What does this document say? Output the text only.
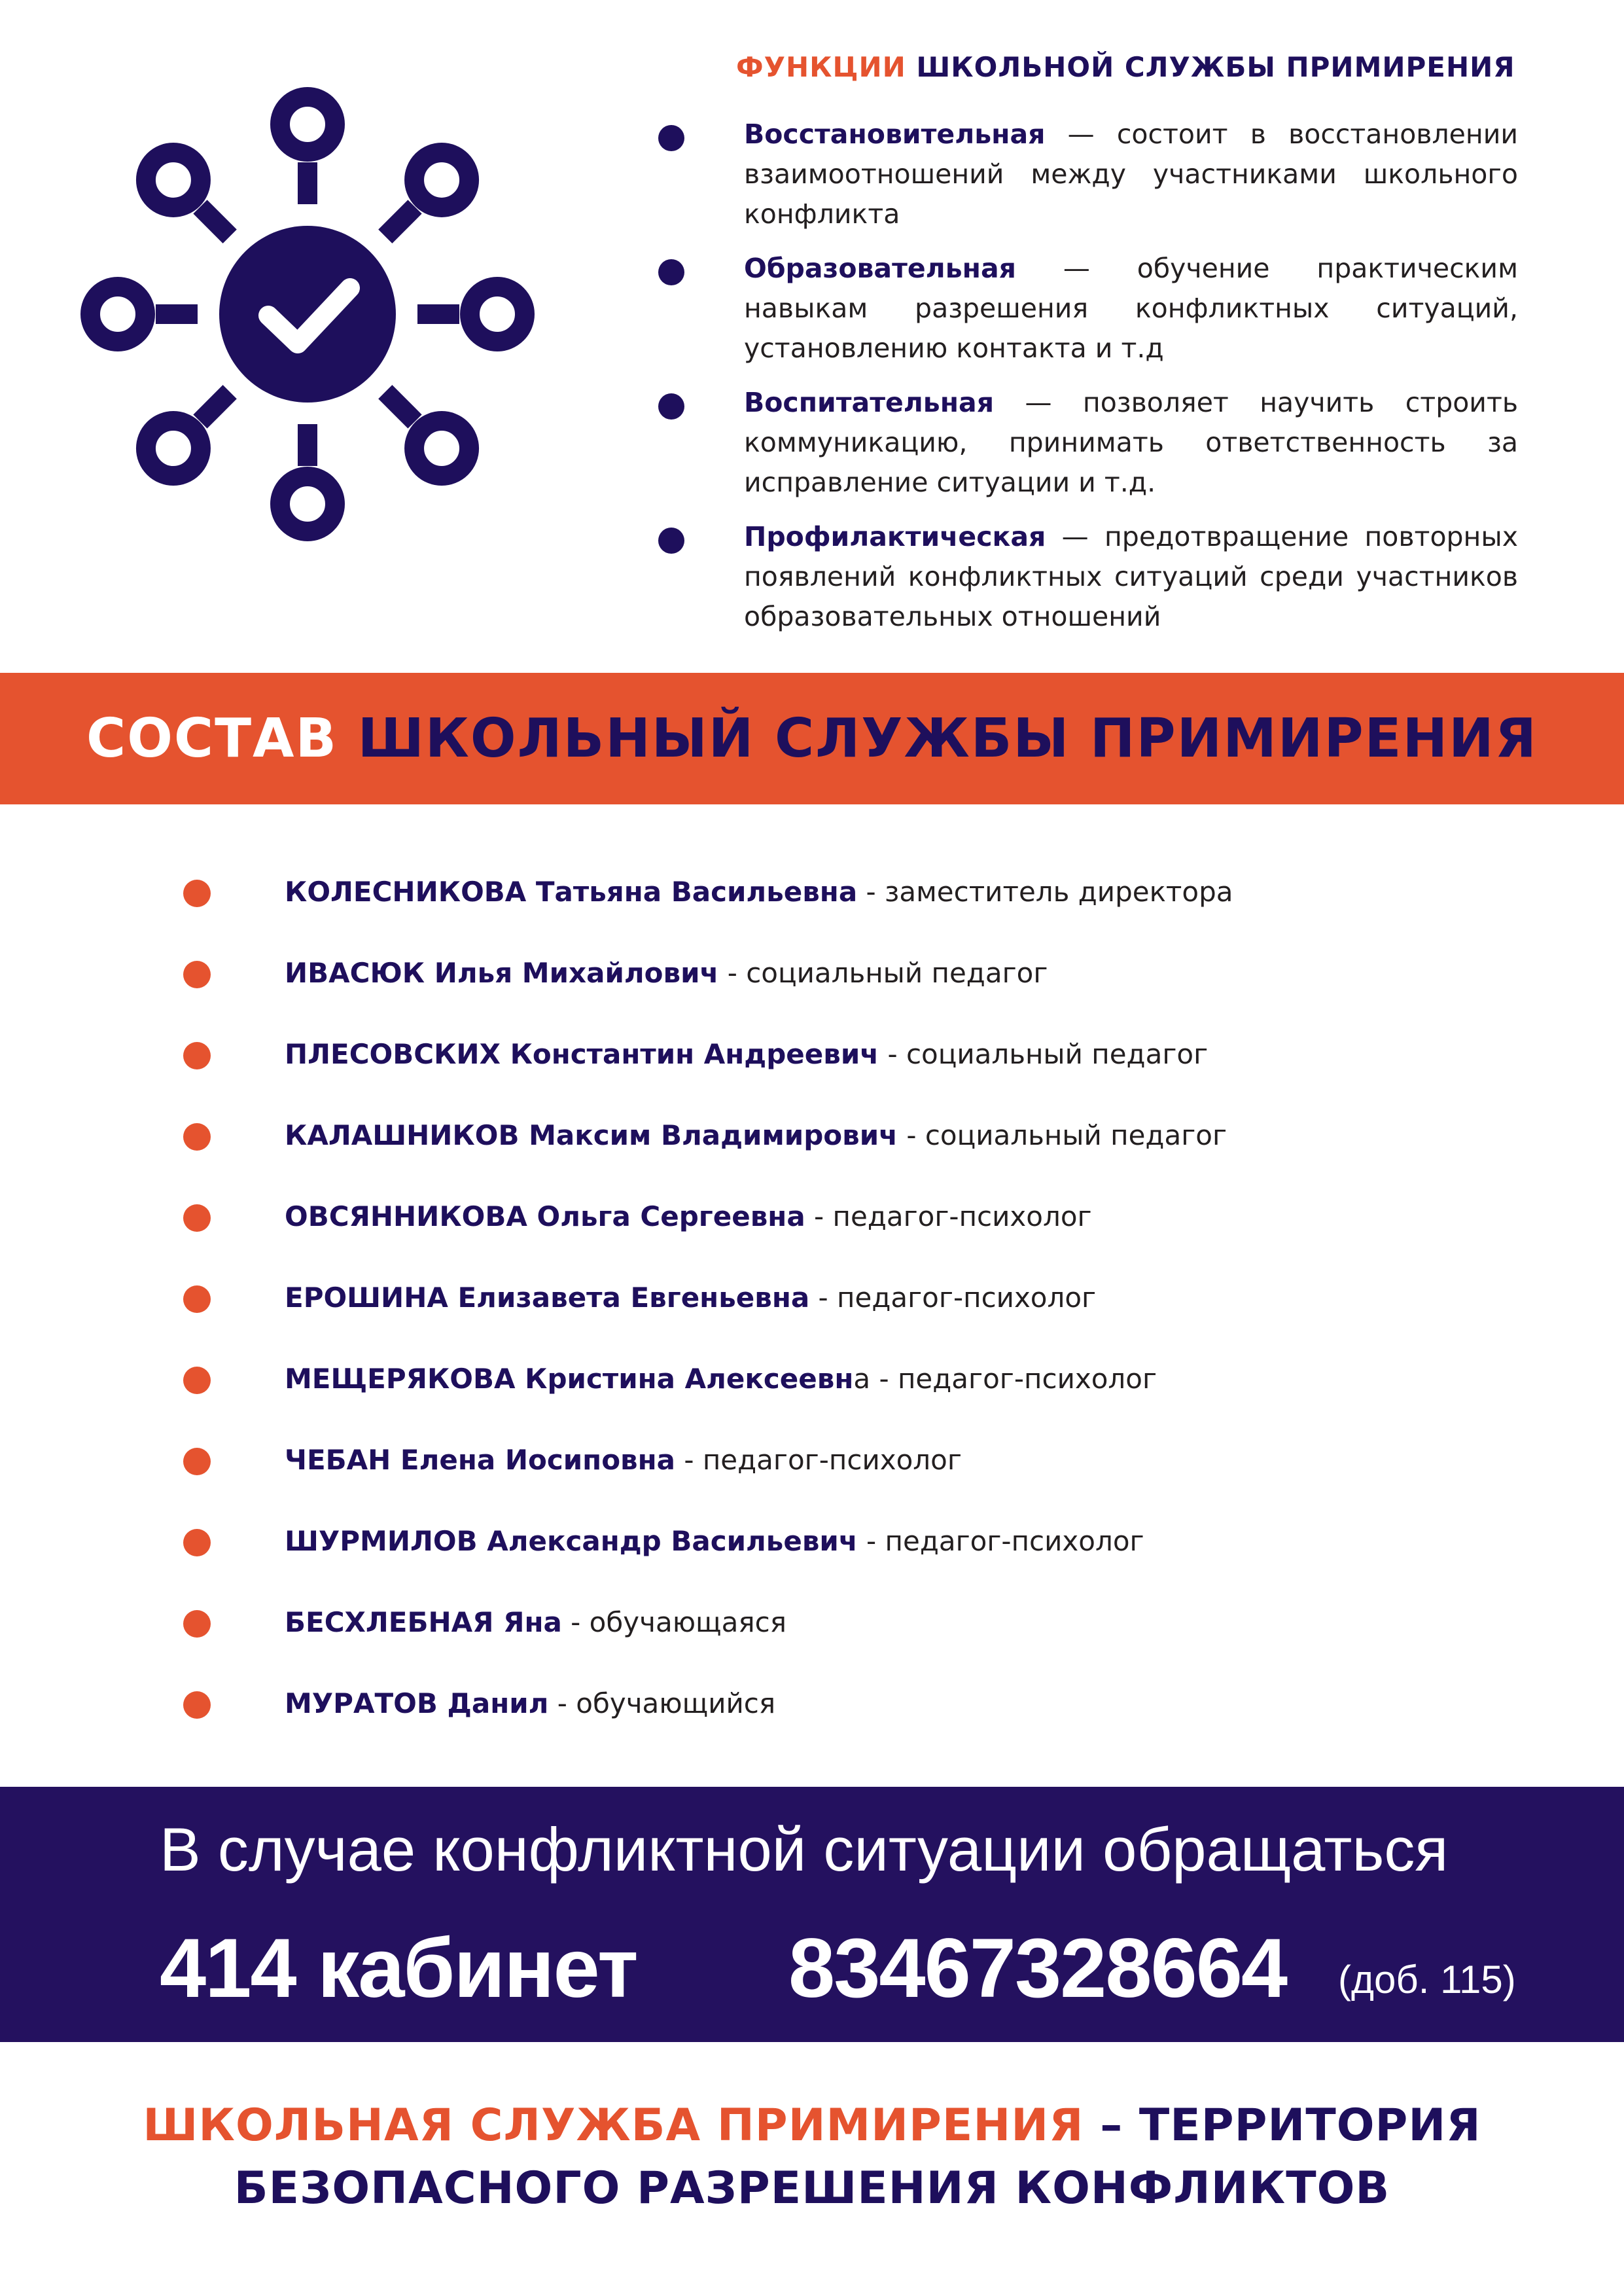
ФУНКЦИИ ШКОЛЬНОЙ СЛУЖБЫ ПРИМИРЕНИЯ
Восстановительная — состоит в восстановлении взаимоотношений между участниками школьного конфликта
Образовательная — обучение практическим навыкам разрешения конфликтных ситуаций, установлению контакта и т.д
Воспитательная — позволяет научить строить коммуникацию, принимать ответственность за исправление ситуации и т.д.
Профилактическая — предотвращение повторных появлений конфликтных ситуаций среди участников образовательных отношений
СОСТАВ ШКОЛЬНЫЙ СЛУЖБЫ ПРИМИРЕНИЯ
КОЛЕСНИКОВА Татьяна Васильевна - заместитель директора
ИВАСЮК Илья Михайлович - социальный педагог
ПЛЕСОВСКИХ Константин Андреевич - социальный педагог
КАЛАШНИКОВ Максим Владимирович - социальный педагог
ОВСЯННИКОВА Ольга Сергеевна - педагог-психолог
ЕРОШИНА Елизавета Евгеньевна - педагог-психолог
МЕЩЕРЯКОВА Кристина Алексеевна - педагог-психолог
ЧЕБАН Елена Иосиповна - педагог-психолог
ШУРМИЛОВ Александр Васильевич - педагог-психолог
БЕСХЛЕБНАЯ Яна - обучающаяся
МУРАТОВ Данил - обучающийся
В случае конфликтной ситуации обращаться
414 кабинет 83467328664 (доб. 115)
ШКОЛЬНАЯ СЛУЖБА ПРИМИРЕНИЯ – ТЕРРИТОРИЯ
БЕЗОПАСНОГО РАЗРЕШЕНИЯ КОНФЛИКТОВ
